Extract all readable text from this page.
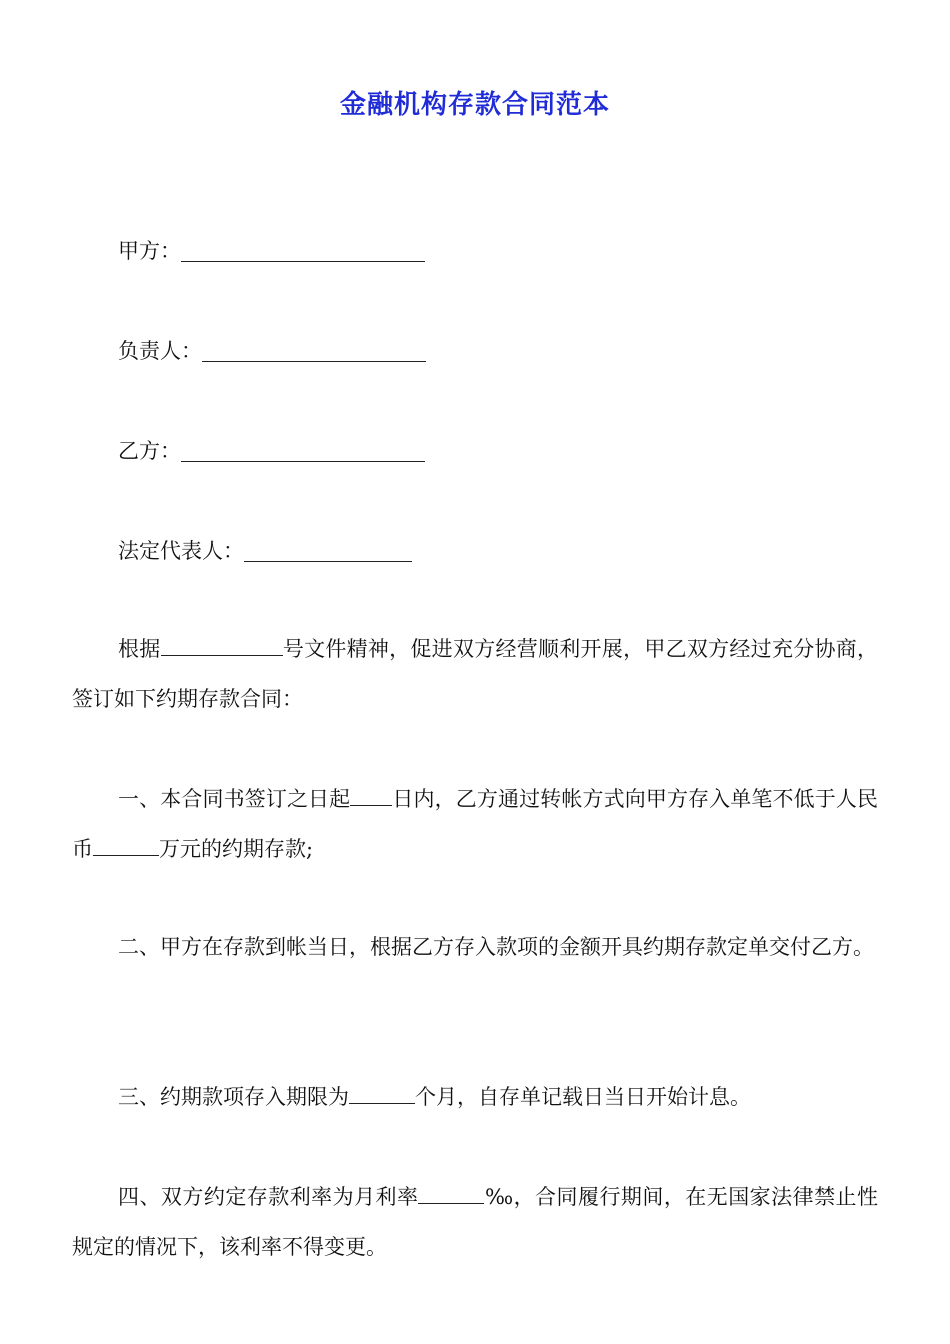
金融机构存款合同范本
甲方：
负责人：
乙方：
法定代表人：
根据	号文件精神，促进双方经营顺利开展，甲乙双方经过充分协商，签订如下约期存款合同：
一、本合同书签订之日起 日内，乙方通过转帐方式向甲方存入单笔不低于人民币	万元的约期存款;
二、甲方在存款到帐当日，根据乙方存入款项的金额开具约期存款定单交付乙方。
三、约期款项存入期限为	个月，自存单记载日当日开始计息。
四、双方约定存款利率为月利率	‰，合同履行期间，在无国家法律禁止性规定的情况下，该利率不得变更。
